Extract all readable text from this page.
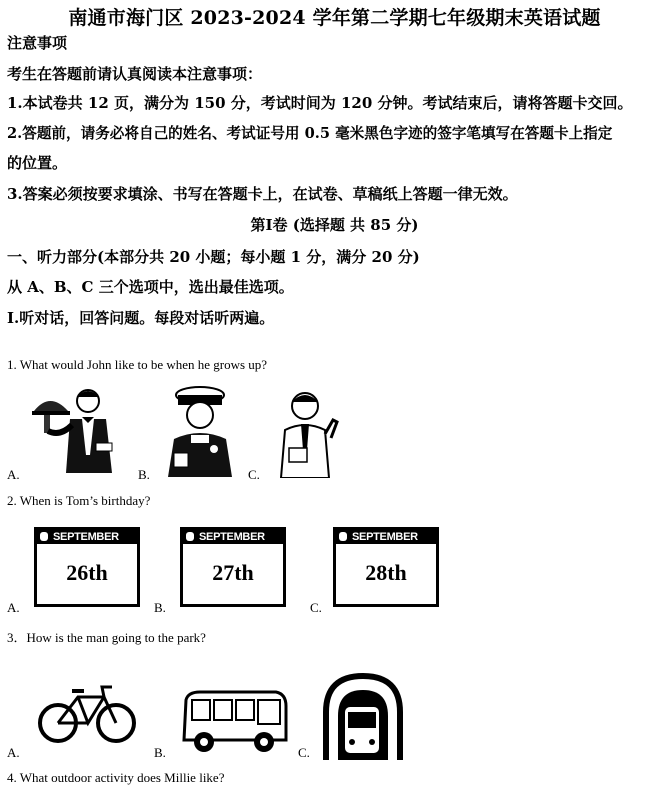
南通市海门区 2023-2024 学年第二学期七年级期末英语试题
注意事项
考生在答题前请认真阅读本注意事项：
1.本试卷共 12 页，满分为 150 分，考试时间为 120 分钟。考试结束后，请将答题卡交回。
2.答题前，请务必将自己的姓名、考试证号用 0.5 毫米黑色字迹的签字笔填写在答题卡上指定
的位置。
3.答案必须按要求填涂、书写在答题卡上，在试卷、草稿纸上答题一律无效。
第Ⅰ卷 (选择题 共 85 分)
一、听力部分(本部分共 20 小题；每小题 1 分，满分 20 分)
从 A、B、C 三个选项中，选出最佳选项。
I.听对话，回答问题。每段对话听两遍。
1. What would John like to be when he grows up?
A.	B.	C.
2. When is Tom’s birthday?
SEPTEMBER
26th
A.
SEPTEMBER
27th
B.
SEPTEMBER
28th
C.
3．How is the man going to the park?
A.	B.	C.
4. What outdoor activity does Millie like?
